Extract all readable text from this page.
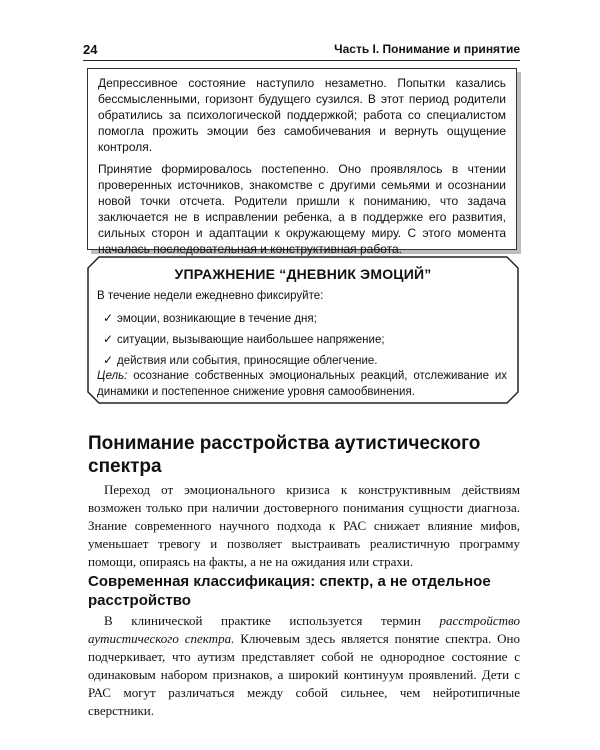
24	Часть I. Понимание и принятие

Депрессивное состояние наступило незаметно. Попытки казались бессмысленными, горизонт будущего сузился. В этот период родители обратились за психологической поддержкой; работа со специалистом помогла прожить эмоции без самобичевания и вернуть ощущение контроля.

Принятие формировалось постепенно. Оно проявлялось в чтении проверенных источников, знакомстве с другими семьями и осознании новой точки отсчета. Родители пришли к пониманию, что задача заключается не в исправлении ребенка, а в поддержке его развития, сильных сторон и адаптации к окружающему миру. С этого момента началась последовательная и конструктивная работа.

УПРАЖНЕНИЕ “ДНЕВНИК ЭМОЦИЙ”
В течение недели ежедневно фиксируйте:
✓ эмоции, возникающие в течение дня;
✓ ситуации, вызывающие наибольшее напряжение;
✓ действия или события, приносящие облегчение.
Цель: осознание собственных эмоциональных реакций, отслеживание их динамики и постепенное снижение уровня самообвинения.
Понимание расстройства аутистического спектра
Переход от эмоционального кризиса к конструктивным действиям возможен только при наличии достоверного понимания сущности диагноза. Знание современного научного подхода к РАС снижает влияние мифов, уменьшает тревогу и позволяет выстраивать реалистичную программу помощи, опираясь на факты, а не на ожидания или страхи.
Современная классификация: спектр, а не отдельное расстройство
В клинической практике используется термин расстройство аутистического спектра. Ключевым здесь является понятие спектра. Оно подчеркивает, что аутизм представляет собой не однородное состояние с одинаковым набором признаков, а широкий континуум проявлений. Дети с РАС могут различаться между собой сильнее, чем нейротипичные сверстники.
